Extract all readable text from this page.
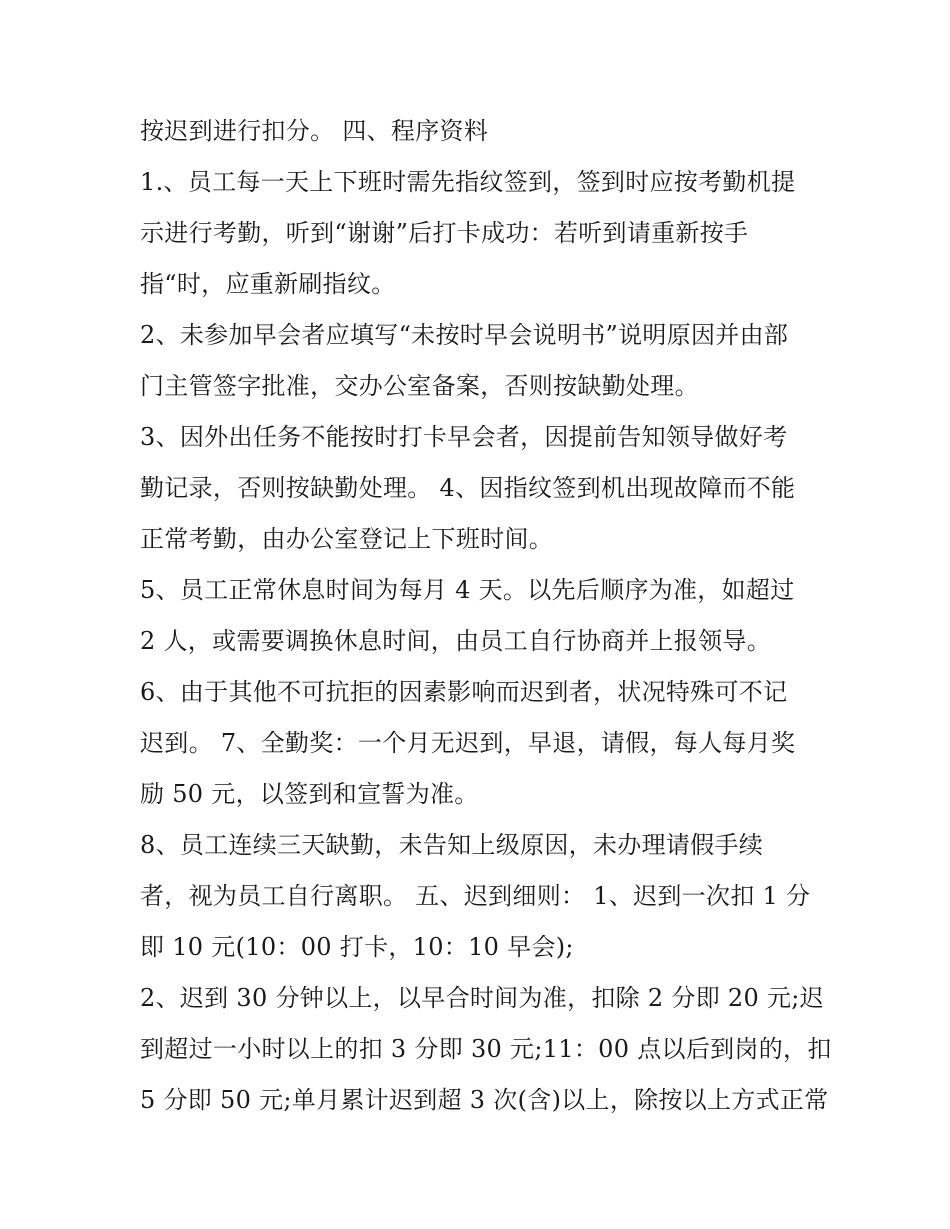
按迟到进行扣分。 四、程序资料
1.、员工每一天上下班时需先指纹签到，签到时应按考勤机提
示进行考勤，听到“谢谢”后打卡成功：若听到请重新按手
指“时，应重新刷指纹。
2、未参加早会者应填写“未按时早会说明书”说明原因并由部
门主管签字批准，交办公室备案，否则按缺勤处理。
3、因外出任务不能按时打卡早会者，因提前告知领导做好考
勤记录，否则按缺勤处理。 4、因指纹签到机出现故障而不能
正常考勤，由办公室登记上下班时间。
5、员工正常休息时间为每月 4 天。以先后顺序为准，如超过
2 人，或需要调换休息时间，由员工自行协商并上报领导。
6、由于其他不可抗拒的因素影响而迟到者，状况特殊可不记
迟到。 7、全勤奖：一个月无迟到，早退，请假，每人每月奖
励 50 元，以签到和宣誓为准。
8、员工连续三天缺勤，未告知上级原因，未办理请假手续
者，视为员工自行离职。 五、迟到细则： 1、迟到一次扣 1 分
即 10 元(10：00 打卡，10：10 早会);
2、迟到 30 分钟以上，以早合时间为准，扣除 2 分即 20 元;迟
到超过一小时以上的扣 3 分即 30 元;11：00 点以后到岗的，扣
5 分即 50 元;单月累计迟到超 3 次(含)以上，除按以上方式正常
